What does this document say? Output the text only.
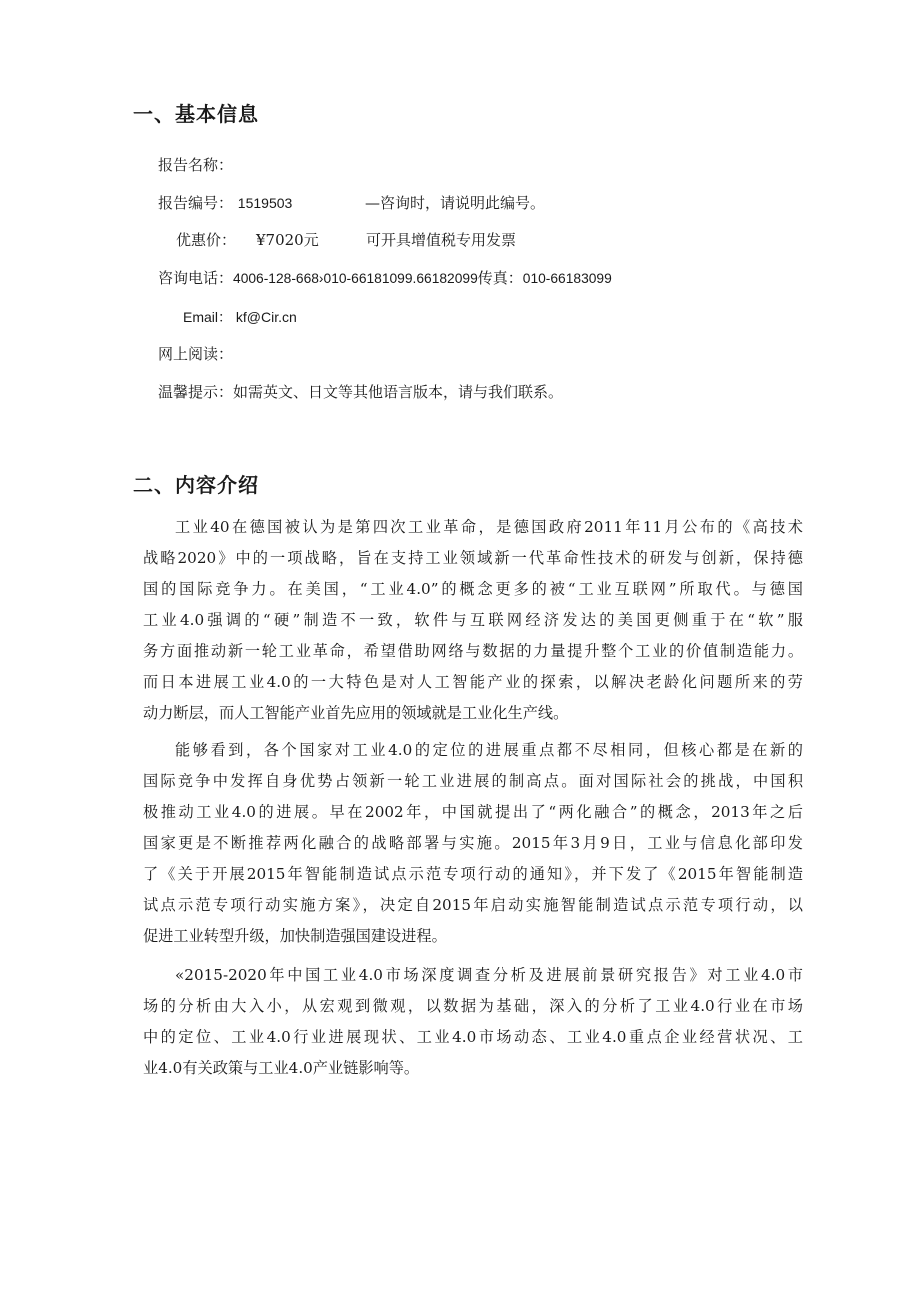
一、基本信息
报告名称：
报告编号： 1519503	—咨询时，请说明此编号。
优惠价： ¥7020元	可开具增值税专用发票
咨询电话：4006-128-668›010-66181099.66182099传真：010-66183099
Email： kf@Cir.cn
网上阅读：
温馨提示：如需英文、日文等其他语言版本，请与我们联系。
二、内容介绍
工业40在德国被认为是第四次工业革命，是德国政府2011年11月公布的《高技术
战略2020》中的一项战略，旨在支持工业领域新一代革命性技术的研发与创新，保持德
国的国际竞争力。在美国，“工业4.0”的概念更多的被“工业互联网”所取代。与德国
工业4.0强调的“硬”制造不一致，软件与互联网经济发达的美国更侧重于在“软”服
务方面推动新一轮工业革命，希望借助网络与数据的力量提升整个工业的价值制造能力。
而日本进展工业4.0的一大特色是对人工智能产业的探索，以解决老龄化问题所来的劳
动力断层，而人工智能产业首先应用的领域就是工业化生产线。
能够看到，各个国家对工业4.0的定位的进展重点都不尽相同，但核心都是在新的
国际竞争中发挥自身优势占领新一轮工业进展的制高点。面对国际社会的挑战，中国积
极推动工业4.0的进展。早在2002年，中国就提出了“两化融合”的概念，2013年之后
国家更是不断推荐两化融合的战略部署与实施。2015年3月9日，工业与信息化部印发
了《关于开展2015年智能制造试点示范专项行动的通知》，并下发了《2015年智能制造
试点示范专项行动实施方案》，决定自2015年启动实施智能制造试点示范专项行动，以
促进工业转型升级，加快制造强国建设进程。
«2015-2020年中国工业4.0市场深度调查分析及进展前景研究报告》对工业4.0市
场的分析由大入小，从宏观到微观，以数据为基础，深入的分析了工业4.0行业在市场
中的定位、工业4.0行业进展现状、工业4.0市场动态、工业4.0重点企业经营状况、工
业4.0有关政策与工业4.0产业链影响等。
